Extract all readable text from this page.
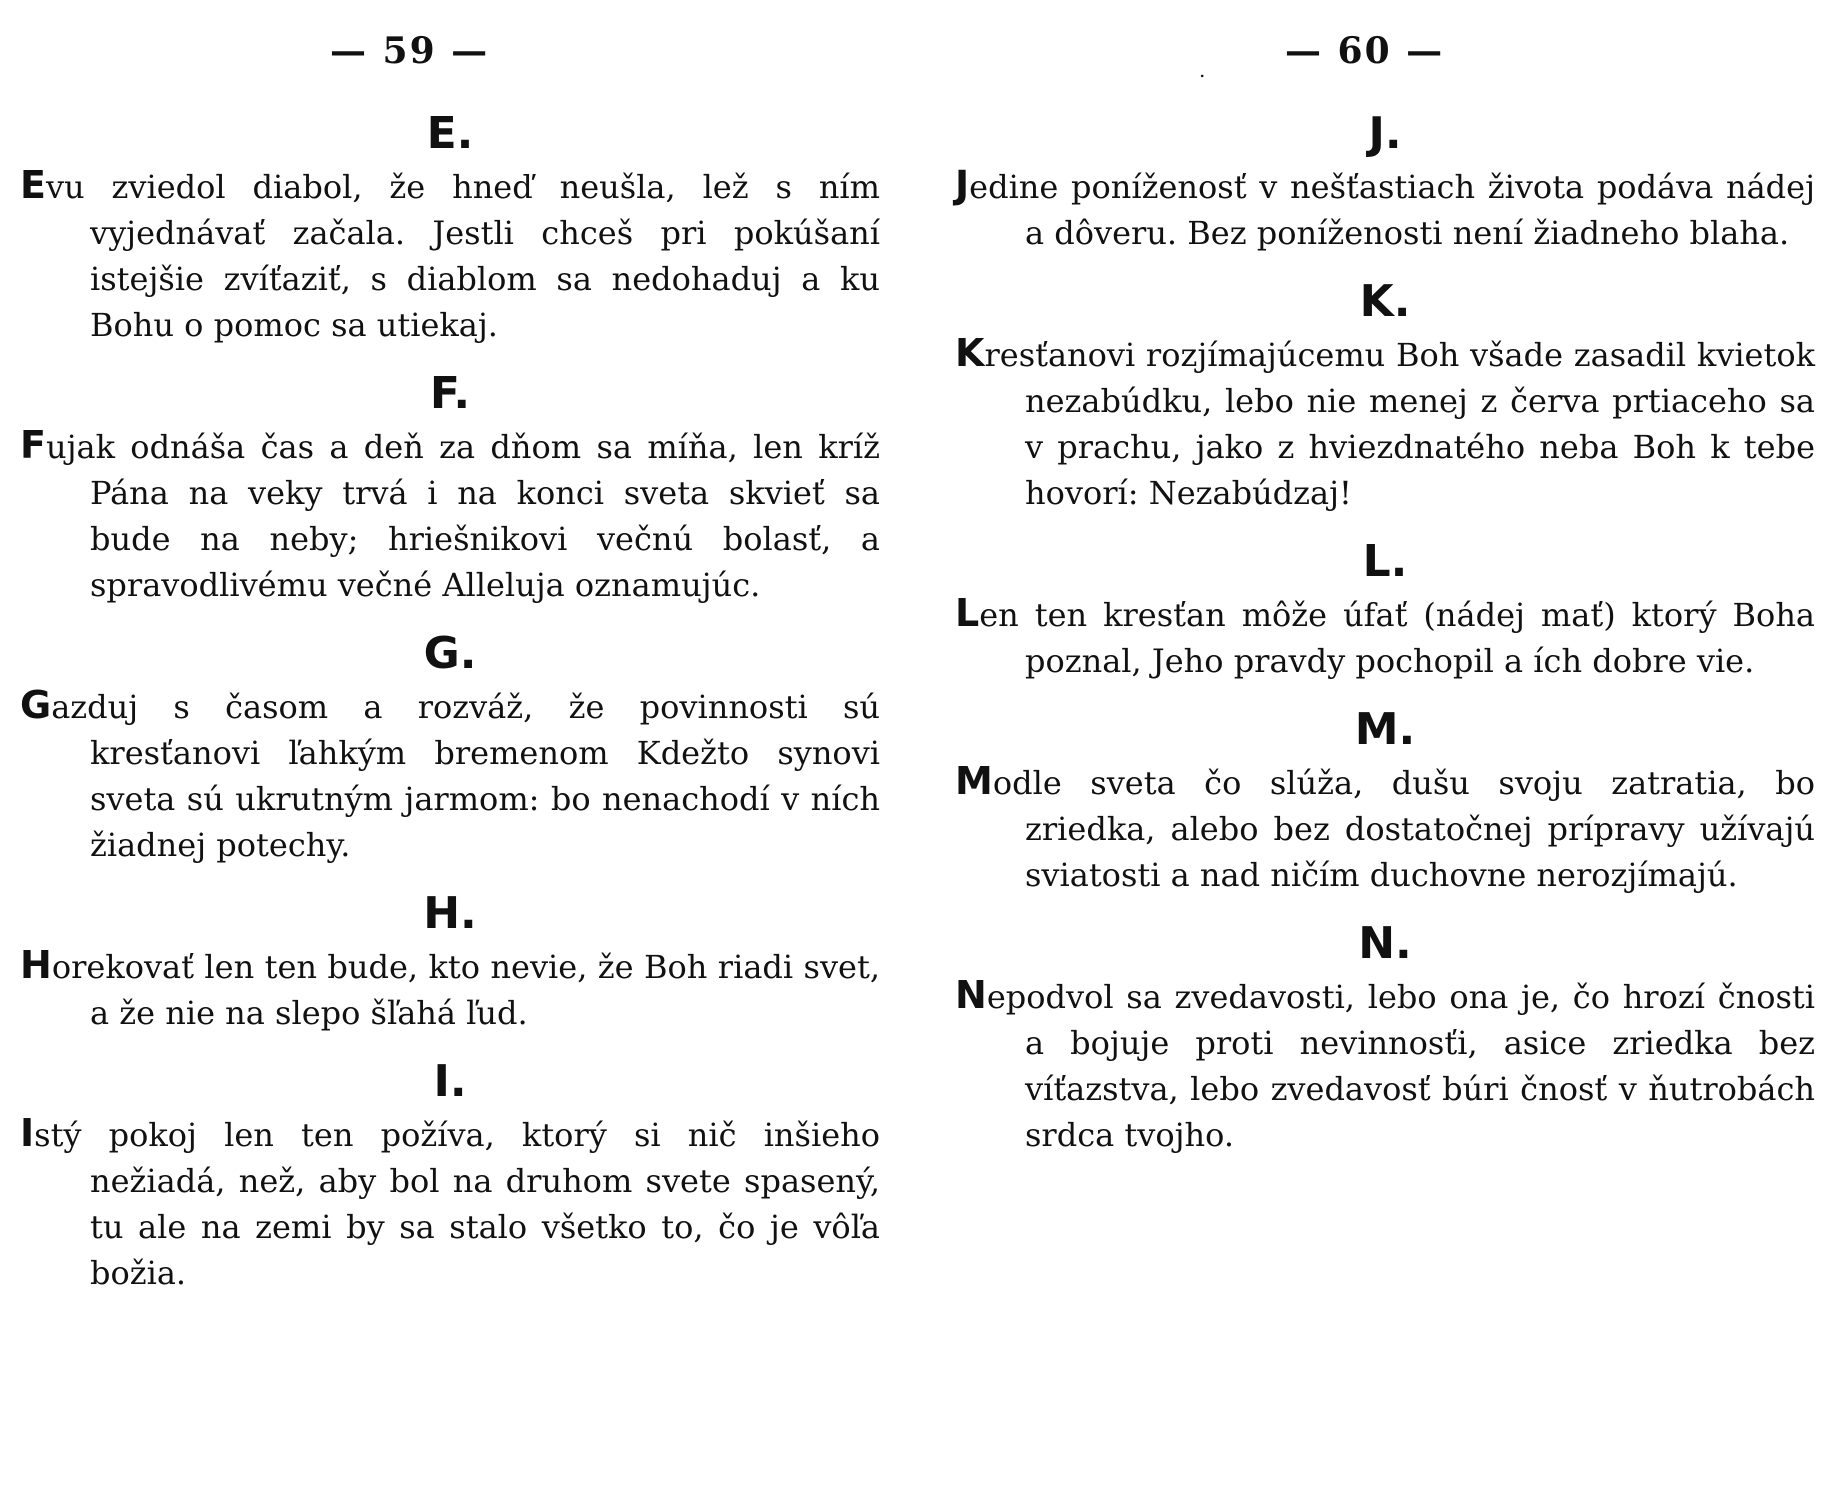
— 59 —
E.

Evu zviedol diabol, že hneď neušla, lež s ním vyjednávať začala. Jestli chceš pri pokúšaní istejšie zvíťaziť, s diablom sa nedohaduj a ku Bohu o pomoc sa utiekaj.

F.

Fujak odnáša čas a deň za dňom sa míňa, len kríž Pána na veky trvá i na konci sveta skvieť sa bude na neby; hriešnikovi večnú bolasť, a spravodlivému večné Alleluja oznamujúc.

G.

Gazduj s časom a rozváž, že povinnosti sú kresťanovi ľahkým bremenom Kdežto synovi sveta sú ukrutným jarmom: bo nenachodí v ních žiadnej potechy.

H.

Horekovať len ten bude, kto nevie, že Boh riadi svet, a že nie na slepo šľahá ľud.

I.

Istý pokoj len ten požíva, ktorý si nič inšieho nežiadá, než, aby bol na druhom svete spasený, tu ale na zemi by sa stalo všetko to, čo je vôľa božia.

. — 60 —
J.

Jedine poníženosť v nešťastiach života podáva nádej a dôveru. Bez poníženosti není žiadneho blaha.

K.

Kresťanovi rozjímajúcemu Boh všade zasadil kvietok nezabúdku, lebo nie menej z červa prtiaceho sa v prachu, jako z hviezdnatého neba Boh k tebe hovorí: Nezabúdzaj!

L.

Len ten kresťan môže úfať (nádej mať) ktorý Boha poznal, Jeho pravdy pochopil a ích dobre vie.

M.

Modle sveta čo slúža, dušu svoju zatratia, bo zriedka, alebo bez dostatočnej prípravy užívajú sviatosti a nad ničím duchovne nerozjímajú.

N.

Nepodvol sa zvedavosti, lebo ona je, čo hrozí čnosti a bojuje proti nevinnosťi, asice zriedka bez víťazstva, lebo zvedavosť búri čnosť v ňutrobách srdca tvojho.
